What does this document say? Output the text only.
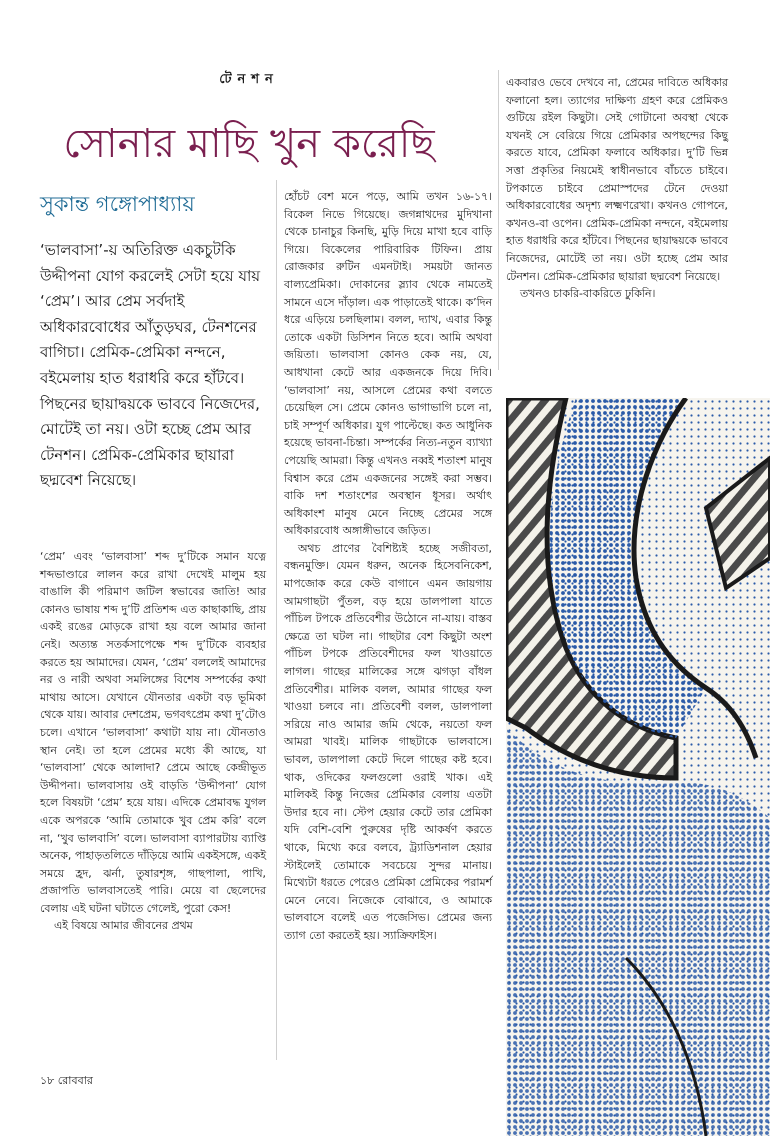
টেনশন
সোনার মাছি খুন করেছি
সুকান্ত গঙ্গোপাধ্যায়
‘ভালবাসা’-য় অতিরিক্ত একচুটকি উদ্দীপনা যোগ করলেই সেটা হয়ে যায় ‘প্রেম’। আর প্রেম সর্বদাই অধিকারবোধের আঁতুড়ঘর, টেনশনের বাগিচা। প্রেমিক-প্রেমিকা নন্দনে, বইমেলায় হাত ধরাধরি করে হাঁটবে। পিছনের ছায়াদ্বয়কে ভাববে নিজেদের, মোটেই তা নয়। ওটা হচ্ছে প্রেম আর টেনশন। প্রেমিক-প্রেমিকার ছায়ারা ছদ্মবেশ নিয়েছে।

‘প্রেম’ এবং ‘ভালবাসা’ শব্দ দু’টিকে সমান যত্নে শব্দভাণ্ডারে লালন করে রাখা দেখেই মালুম হয় বাঙালি কী পরিমাণ জটিল স্বভাবের জাতি! আর কোনও ভাষায় শব্দ দু’টি প্রতিশব্দ এত কাছাকাছি, প্রায় একই রঙের মোড়কে রাখা হয় বলে আমার জানা নেই। অত্যন্ত সতর্কসাপেক্ষে শব্দ দু’টিকে ব্যবহার করতে হয় আমাদের। যেমন, ‘প্রেম’ বললেই আমাদের নর ও নারী অথবা সমলিঙ্গের বিশেষ সম্পর্কের কথা মাথায় আসে। যেখানে যৌনতার একটা বড় ভূমিকা থেকে যায়। আবার দেশপ্রেম, ভগবৎপ্রেম কথা দু’টোও চলে। এখানে ‘ভালবাসা’ কথাটা যায় না। যৌনতাও স্থান নেই। তা হলে প্রেমের মধ্যে কী আছে, যা ‘ভালবাসা’ থেকে আলাদা? প্রেমে আছে কেন্দ্রীভূত উদ্দীপনা। ভালবাসায় ওই বাড়তি ‘উদ্দীপনা’ যোগ হলে বিষয়টা ‘প্রেম’ হয়ে যায়। এদিকে প্রেমাবদ্ধ যুগল একে অপরকে ‘আমি তোমাকে খুব প্রেম করি’ বলে না, ‘খুব ভালবাসি’ বলে। ভালবাসা ব্যাপারটায় ব্যাপ্তি অনেক, পাহাড়তলিতে দাঁড়িয়ে আমি একইসঙ্গে, একই সময়ে হ্রদ, ঝর্না, তুষারশৃঙ্গ, গাছপালা, পাখি, প্রজাপতি ভালবাসতেই পারি। মেয়ে বা ছেলেদের বেলায় এই ঘটনা ঘটাতে গেলেই, পুরো কেস!

এই বিষয়ে আমার জীবনের প্রথম

হোঁচট বেশ মনে পড়ে, আমি তখন ১৬-১৭। বিকেল নিভে গিয়েছে। জগন্নাথদের মুদিখানা থেকে চানাচুর কিনছি, মুড়ি দিয়ে মাখা হবে বাড়ি গিয়ে। বিকেলের পারিবারিক টিফিন। প্রায় রোজকার রুটিন এমনটাই। সময়টা জানত বাল্যপ্রেমিকা। দোকানের স্ল্যাব থেকে নামতেই সামনে এসে দাঁড়াল। এক পাড়াতেই থাকে। ক’দিন ধরে এড়িয়ে চলছিলাম। বলল, দ্যাখ, এবার কিন্তু তোকে একটা ডিসিশন নিতে হবে। আমি অথবা জয়িতা। ভালবাসা কোনও কেক নয়, যে, আধখানা কেটে আর একজনকে দিয়ে দিবি। ‘ভালবাসা’ নয়, আসলে প্রেমের কথা বলতে চেয়েছিল সে। প্রেমে কোনও ভাগাভাগি চলে না, চাই সম্পূর্ণ অধিকার। যুগ পাল্টেছে। কত আধুনিক হয়েছে ভাবনা-চিন্তা। সম্পর্কের নিত্য-নতুন ব্যাখ্যা পেয়েছি আমরা। কিন্তু এখনও নব্বই শতাংশ মানুষ বিশ্বাস করে প্রেম একজনের সঙ্গেই করা সম্ভব। বাকি দশ শতাংশের অবস্থান ধূসর। অর্থাৎ অধিকাংশ মানুষ মেনে নিচ্ছে প্রেমের সঙ্গে অধিকারবোধ অঙ্গাঙ্গীভাবে জড়িত।

অথচ প্রাণের বৈশিষ্ট্যই হচ্ছে সজীবতা, বন্ধনমুক্তি। যেমন ধরুন, অনেক হিসেবনিকেশ, মাপজোক করে কেউ বাগানে এমন জায়গায় আমগাছটা পুঁতল, বড় হয়ে ডালপালা যাতে পাঁচিল টপকে প্রতিবেশীর উঠোনে না-যায়। বাস্তব ক্ষেত্রে তা ঘটল না। গাছটার বেশ কিছুটা অংশ পাঁচিল টপকে প্রতিবেশীদের ফল খাওয়াতে লাগল। গাছের মালিকের সঙ্গে ঝগড়া বাঁধল প্রতিবেশীর। মালিক বলল, আমার গাছের ফল খাওয়া চলবে না। প্রতিবেশী বলল, ডালপালা সরিয়ে নাও আমার জমি থেকে, নয়তো ফল আমরা খাবই। মালিক গাছটাকে ভালবাসে। ভাবল, ডালপালা কেটে দিলে গাছের কষ্ট হবে। থাক, ওদিকের ফলগুলো ওরাই খাক। এই মালিকই কিন্তু নিজের প্রেমিকার বেলায় এতটা উদার হবে না। স্টেপ হেয়ার কেটে তার প্রেমিকা যদি বেশি-বেশি পুরুষের দৃষ্টি আকর্ষণ করতে থাকে, মিথ্যে করে বলবে, ট্র্যাডিশনাল হেয়ার স্টাইলেই তোমাকে সবচেয়ে সুন্দর মানায়। মিথ্যেটা ধরতে পেরেও প্রেমিকা প্রেমিকের পরামর্শ মেনে নেবে। নিজেকে বোঝাবে, ও আমাকে ভালবাসে বলেই এত পজেসিভ। প্রেমের জন্য ত্যাগ তো করতেই হয়। স্যাক্রিফাইস।

একবারও ভেবে দেখবে না, প্রেমের দাবিতে অধিকার ফলানো হল। ত্যাগের দাক্ষিণ্য গ্রহণ করে প্রেমিকও গুটিয়ে রইল কিছুটা। সেই গোটানো অবস্থা থেকে যখনই সে বেরিয়ে গিয়ে প্রেমিকার অপছন্দের কিছু করতে যাবে, প্রেমিকা ফলাবে অধিকার। দু’টি ভিন্ন সত্তা প্রকৃতির নিয়মেই স্বাধীনভাবে বাঁচতে চাইবে। টপকাতে চাইবে প্রেমাস্পদের টেনে দেওয়া অধিকারবোধের অদৃশ্য লক্ষ্মণরেখা। কখনও গোপনে, কখনও-বা ওপেন। প্রেমিক-প্রেমিকা নন্দনে, বইমেলায় হাত ধরাধরি করে হাঁটবে। পিছনের ছায়াদ্বয়কে ভাববে নিজেদের, মোটেই তা নয়। ওটা হচ্ছে প্রেম আর টেনশন। প্রেমিক-প্রেমিকার ছায়ারা ছদ্মবেশ নিয়েছে।

তখনও চাকরি-বাকরিতে ঢুকিনি।

১৮ রোববার
